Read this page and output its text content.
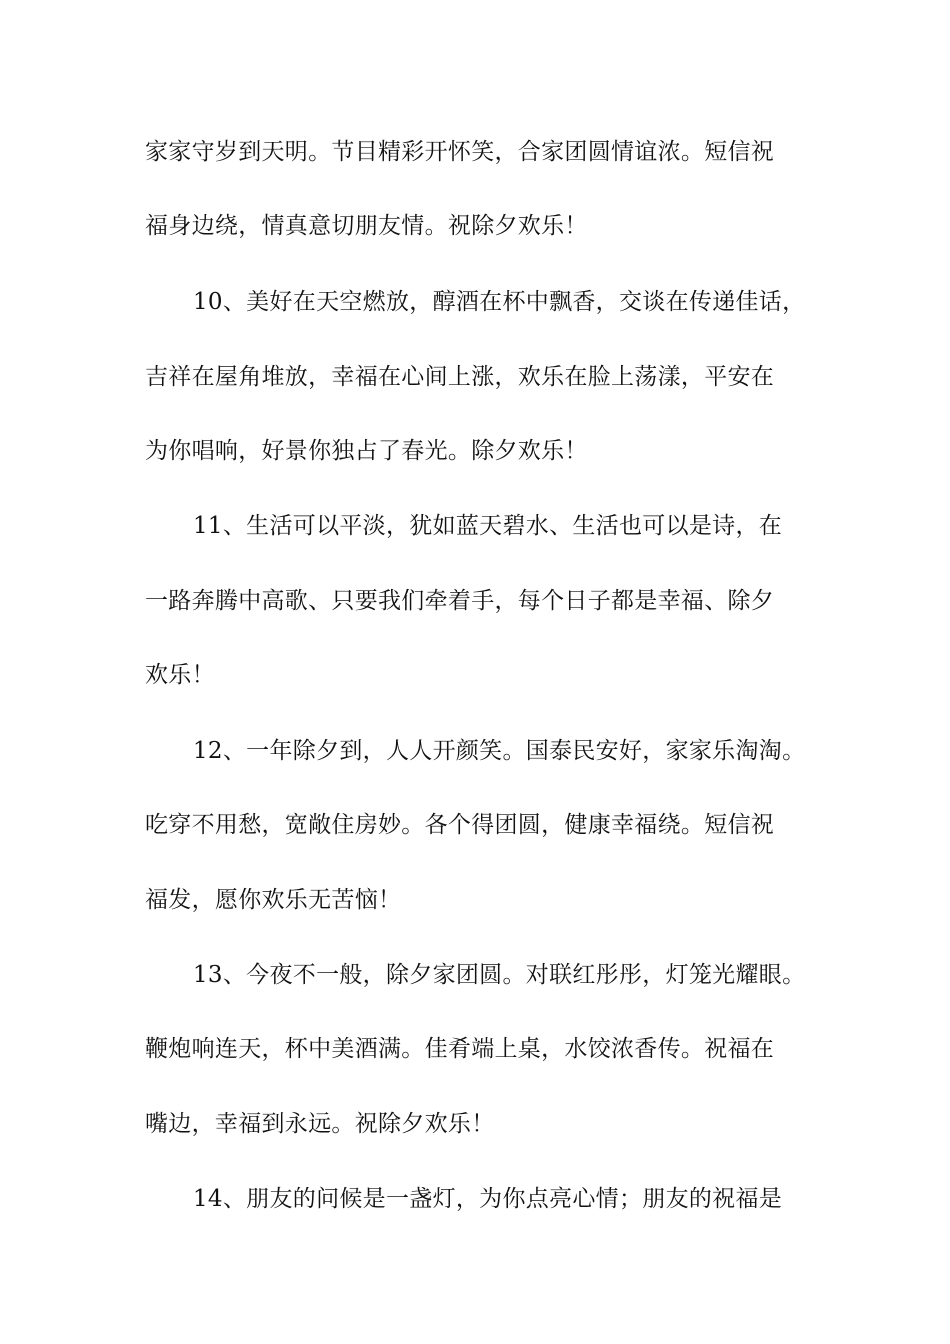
家家守岁到天明。节目精彩开怀笑，合家团圆情谊浓。短信祝
福身边绕，情真意切朋友情。祝除夕欢乐！
10、美好在天空燃放，醇酒在杯中飘香，交谈在传递佳话，
吉祥在屋角堆放，幸福在心间上涨，欢乐在脸上荡漾，平安在
为你唱响，好景你独占了春光。除夕欢乐！
11、生活可以平淡，犹如蓝天碧水、生活也可以是诗，在
一路奔腾中高歌、只要我们牵着手，每个日子都是幸福、除夕
欢乐！
12、一年除夕到，人人开颜笑。国泰民安好，家家乐淘淘。
吃穿不用愁，宽敞住房妙。各个得团圆，健康幸福绕。短信祝
福发，愿你欢乐无苦恼！
13、今夜不一般，除夕家团圆。对联红彤彤，灯笼光耀眼。
鞭炮响连天，杯中美酒满。佳肴端上桌，水饺浓香传。祝福在
嘴边，幸福到永远。祝除夕欢乐！
14、朋友的问候是一盏灯，为你点亮心情；朋友的祝福是
